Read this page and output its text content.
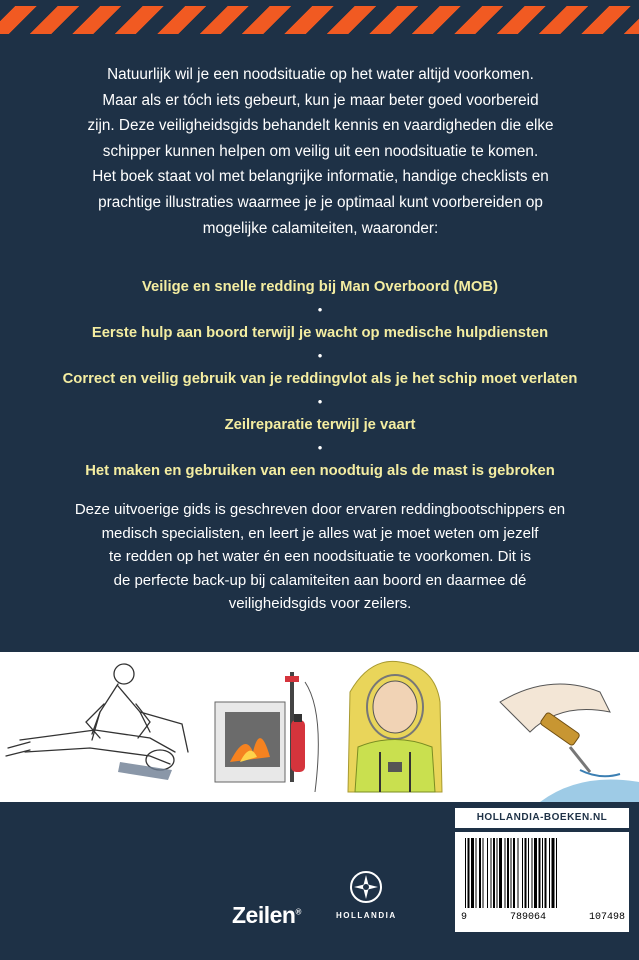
Natuurlijk wil je een noodsituatie op het water altijd voorkomen.

Maar als er tóch iets gebeurt, kun je maar beter goed voorbereid

zijn. Deze veiligheidsgids behandelt kennis en vaardigheden die elke

schipper kunnen helpen om veilig uit een noodsituatie te komen.

Het boek staat vol met belangrijke informatie, handige checklists en

prachtige illustraties waarmee je je optimaal kunt voorbereiden op

mogelijke calamiteiten, waaronder:

Veilige en snelle redding bij Man Overboord (MOB)
•
Eerste hulp aan boord terwijl je wacht op medische hulpdiensten
•
Correct en veilig gebruik van je reddingvlot als je het schip moet verlaten
•
Zeilreparatie terwijl je vaart
•
Het maken en gebruiken van een noodtuig als de mast is gebroken
Deze uitvoerige gids is geschreven door ervaren reddingbootschippers en
medisch specialisten, en leert je alles wat je moet weten om jezelf
te redden op het water én een noodsituatie te voorkomen. Dit is
de perfecte back-up bij calamiteiten aan boord en daarmee dé
veiligheidsgids voor zeilers.
HOLLANDIA-BOEKEN.NL
9	789064	107498
Zeilen®	HOLLANDIA
